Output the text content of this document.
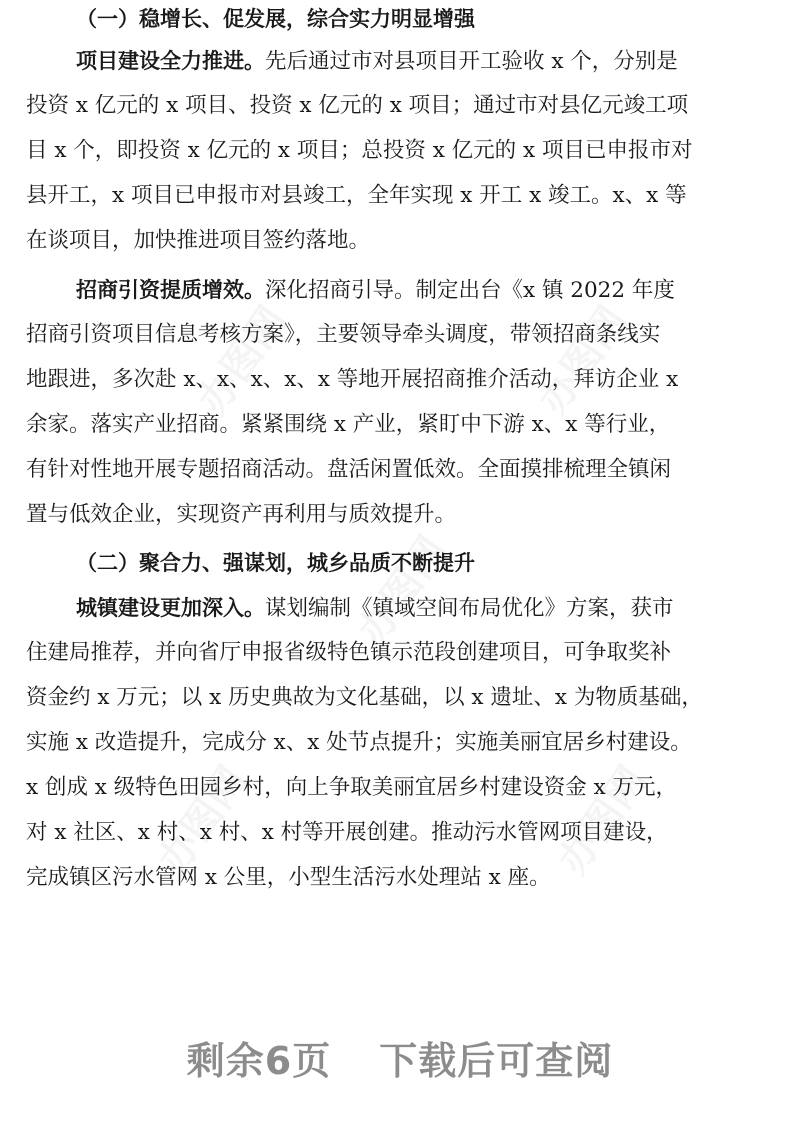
办图网	办图网
办图网
办图网	办图网
（一）稳增长、促发展，综合实力明显增强
项目建设全力推进。先后通过市对县项目开工验收 x 个，分别是
投资 x 亿元的 x 项目、投资 x 亿元的 x 项目；通过市对县亿元竣工项
目 x 个，即投资 x 亿元的 x 项目；总投资 x 亿元的 x 项目已申报市对
县开工，x 项目已申报市对县竣工，全年实现 x 开工 x 竣工。x、x 等
在谈项目，加快推进项目签约落地。
招商引资提质增效。深化招商引导。制定出台《x 镇 2022 年度
招商引资项目信息考核方案》，主要领导牵头调度，带领招商条线实
地跟进，多次赴 x、x、x、x、x 等地开展招商推介活动，拜访企业 x
余家。落实产业招商。紧紧围绕 x 产业，紧盯中下游 x、x 等行业，
有针对性地开展专题招商活动。盘活闲置低效。全面摸排梳理全镇闲
置与低效企业，实现资产再利用与质效提升。
（二）聚合力、强谋划，城乡品质不断提升
城镇建设更加深入。谋划编制《镇域空间布局优化》方案，获市
住建局推荐，并向省厅申报省级特色镇示范段创建项目，可争取奖补
资金约 x 万元；以 x 历史典故为文化基础，以 x 遗址、x 为物质基础，
实施 x 改造提升，完成分 x、x 处节点提升；实施美丽宜居乡村建设。
x 创成 x 级特色田园乡村，向上争取美丽宜居乡村建设资金 x 万元，
对 x 社区、x 村、x 村、x 村等开展创建。推动污水管网项目建设，
完成镇区污水管网 x 公里，小型生活污水处理站 x 座。
剩余6页 下载后可查阅
